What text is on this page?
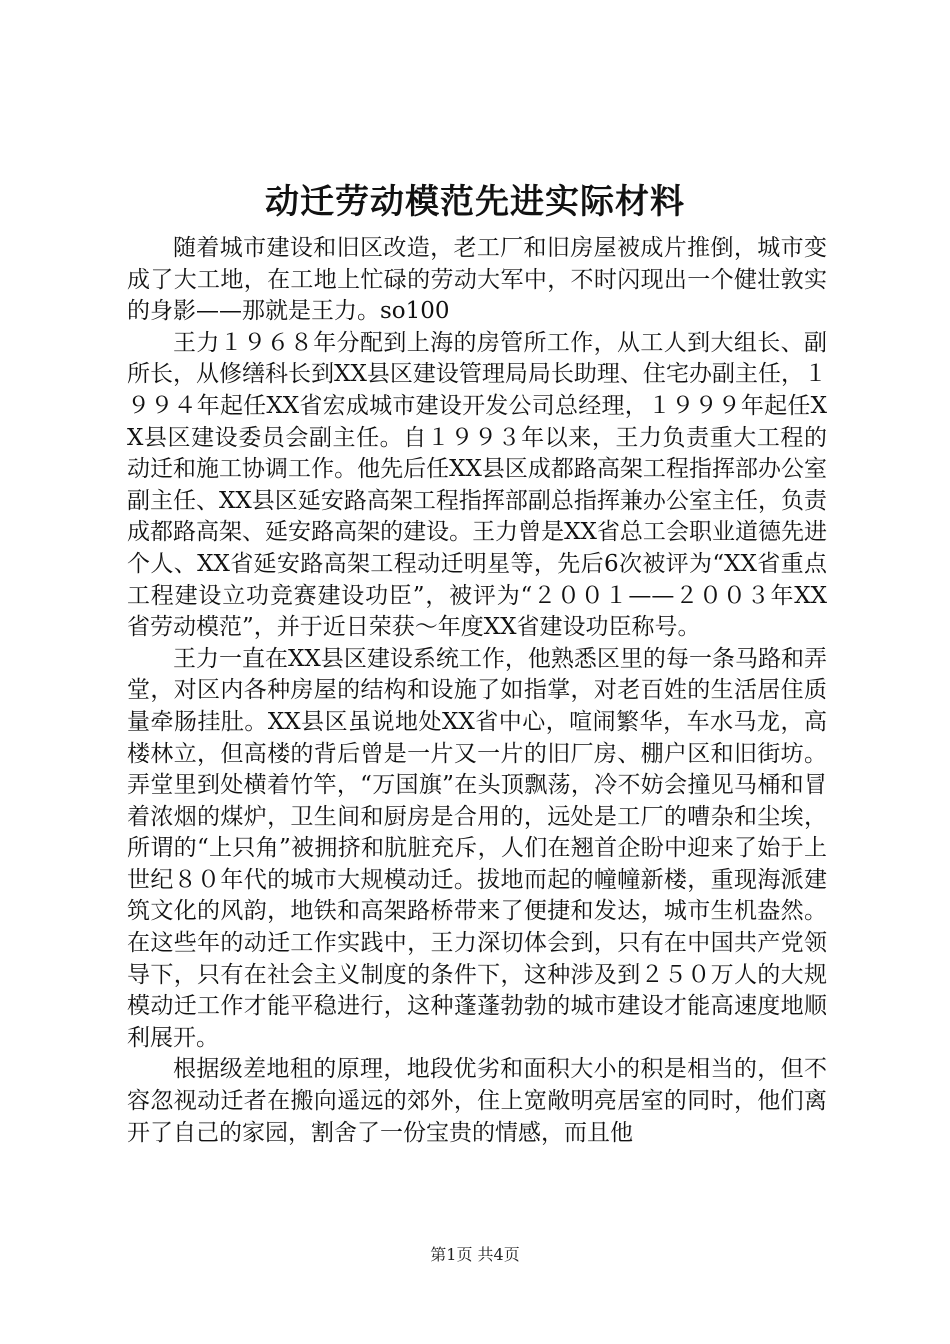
动迁劳动模范先进实际材料

随着城市建设和旧区改造，老工厂和旧房屋被成片推倒，城市变成了大工地，在工地上忙碌的劳动大军中，不时闪现出一个健壮敦实的身影——那就是王力。so100

王力１９６８年分配到上海的房管所工作，从工人到大组长、副所长，从修缮科长到XX县区建设管理局局长助理、住宅办副主任，１９９４年起任XX省宏成城市建设开发公司总经理，１９９９年起任XX县区建设委员会副主任。自１９９３年以来，王力负责重大工程的动迁和施工协调工作。他先后任XX县区成都路高架工程指挥部办公室副主任、XX县区延安路高架工程指挥部副总指挥兼办公室主任，负责成都路高架、延安路高架的建设。王力曾是XX省总工会职业道德先进个人、XX省延安路高架工程动迁明星等，先后6次被评为“XX省重点工程建设立功竞赛建设功臣”，被评为“２００１——２００３年XX省劳动模范”，并于近日荣获～年度XX省建设功臣称号。

王力一直在XX县区建设系统工作，他熟悉区里的每一条马路和弄堂，对区内各种房屋的结构和设施了如指掌，对老百姓的生活居住质量牵肠挂肚。XX县区虽说地处XX省中心，喧闹繁华，车水马龙，高楼林立，但高楼的背后曾是一片又一片的旧厂房、棚户区和旧街坊。弄堂里到处横着竹竿，“万国旗”在头顶飘荡，冷不妨会撞见马桶和冒着浓烟的煤炉，卫生间和厨房是合用的，远处是工厂的嘈杂和尘埃，所谓的“上只角”被拥挤和肮脏充斥，人们在翘首企盼中迎来了始于上世纪８０年代的城市大规模动迁。拔地而起的幢幢新楼，重现海派建筑文化的风韵，地铁和高架路桥带来了便捷和发达，城市生机盎然。在这些年的动迁工作实践中，王力深切体会到，只有在中国共产党领导下，只有在社会主义制度的条件下，这种涉及到２５０万人的大规模动迁工作才能平稳进行，这种蓬蓬勃勃的城市建设才能高速度地顺利展开。

根据级差地租的原理，地段优劣和面积大小的积是相当的，但不容忽视动迁者在搬向遥远的郊外，住上宽敞明亮居室的同时，他们离开了自己的家园，割舍了一份宝贵的情感，而且他

第1页 共4页
